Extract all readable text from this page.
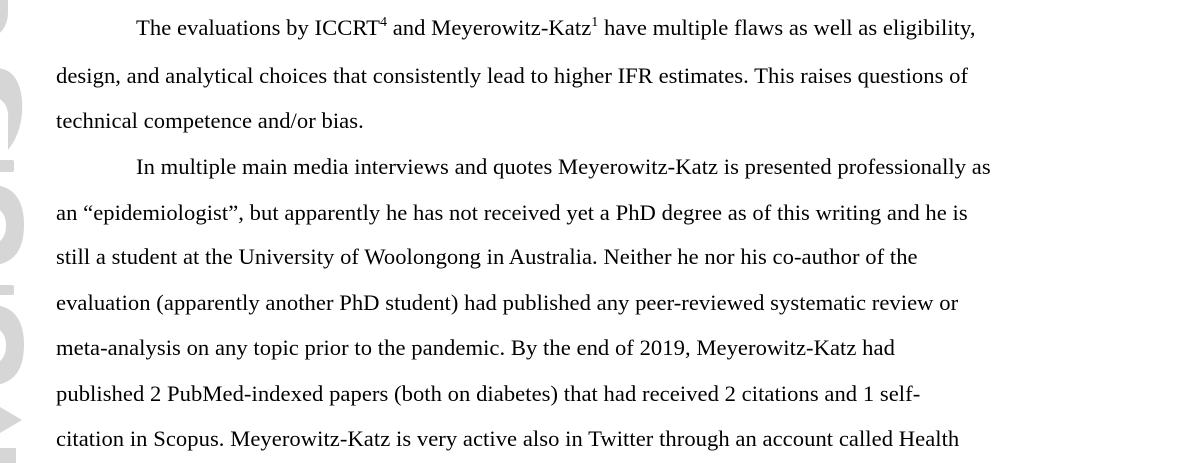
The evaluations by ICCRT$^4$ and Meyerowitz-Katz$^1$ have multiple flaws as well as eligibility,
design, and analytical choices that consistently lead to higher IFR estimates. This raises questions of
technical competence and/or bias.
In multiple main media interviews and quotes Meyerowitz-Katz is presented professionally as
an “epidemiologist”, but apparently he has not received yet a PhD degree as of this writing and he is
still a student at the University of Woolongong in Australia. Neither he nor his co-author of the
evaluation (apparently another PhD student) had published any peer-reviewed systematic review or
meta-analysis on any topic prior to the pandemic. By the end of 2019, Meyerowitz-Katz had
published 2 PubMed-indexed papers (both on diabetes) that had received 2 citations and 1 self-
citation in Scopus. Meyerowitz-Katz is very active also in Twitter through an account called Health
